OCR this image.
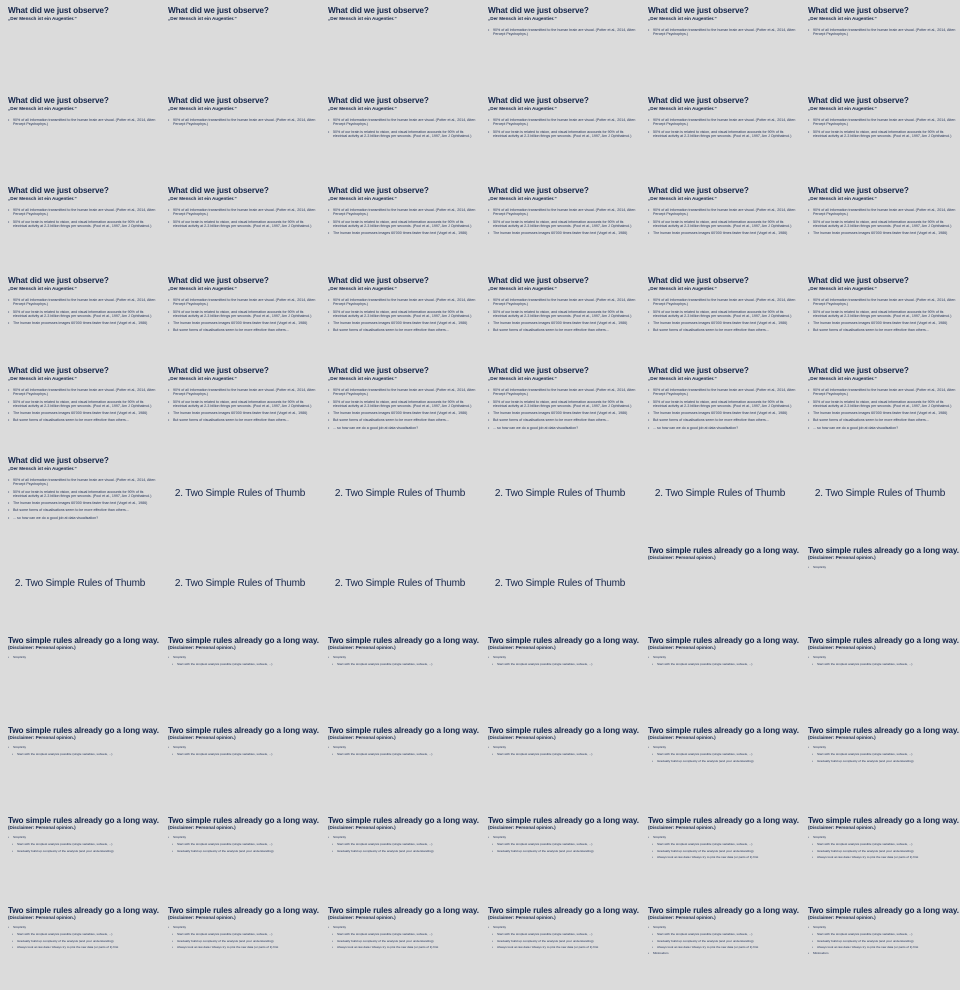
What did we just observe?
„Der Mensch ist ein Augentier.“
What did we just observe?
„Der Mensch ist ein Augentier.“
What did we just observe?
„Der Mensch ist ein Augentier.“
What did we just observe?
„Der Mensch ist ein Augentier.“
• 90% of all information transmitted to the human brain are visual. (Potter et al., 2014, Atten Percept Psychophys.)
What did we just observe?
„Der Mensch ist ein Augentier.“
• 90% of all information transmitted to the human brain are visual. (Potter et al., 2014, Atten Percept Psychophys.)
What did we just observe?
„Der Mensch ist ein Augentier.“
• 90% of all information transmitted to the human brain are visual. (Potter et al., 2014, Atten Percept Psychophys.)
What did we just observe?
„Der Mensch ist ein Augentier.“
• 90% of all information transmitted to the human brain are visual. (Potter et al., 2014, Atten Percept Psychophys.)
What did we just observe?
„Der Mensch ist ein Augentier.“
• 90% of all information transmitted to the human brain are visual. (Potter et al., 2014, Atten Percept Psychophys.)
What did we just observe?
„Der Mensch ist ein Augentier.“
• 90% of all information transmitted to the human brain are visual. (Potter et al., 2014, Atten Percept Psychophys.)
• 50% of our brain is related to vision, and visual information accounts for 90% of its electrical activity at 2-3 billion firings per seconds. (Pool et al., 1997, Am J Ophthalmol.)
What did we just observe?
„Der Mensch ist ein Augentier.“
• 90% of all information transmitted to the human brain are visual. (Potter et al., 2014, Atten Percept Psychophys.)
• 50% of our brain is related to vision, and visual information accounts for 90% of its electrical activity at 2-3 billion firings per seconds. (Pool et al., 1997, Am J Ophthalmol.)
What did we just observe?
„Der Mensch ist ein Augentier.“
• 90% of all information transmitted to the human brain are visual. (Potter et al., 2014, Atten Percept Psychophys.)
• 50% of our brain is related to vision, and visual information accounts for 90% of its electrical activity at 2-3 billion firings per seconds. (Pool et al., 1997, Am J Ophthalmol.)
What did we just observe?
„Der Mensch ist ein Augentier.“
• 90% of all information transmitted to the human brain are visual. (Potter et al., 2014, Atten Percept Psychophys.)
• 50% of our brain is related to vision, and visual information accounts for 90% of its electrical activity at 2-3 billion firings per seconds. (Pool et al., 1997, Am J Ophthalmol.)
What did we just observe?
„Der Mensch ist ein Augentier.“
• 90% of all information transmitted to the human brain are visual. (Potter et al., 2014, Atten Percept Psychophys.)
• 50% of our brain is related to vision, and visual information accounts for 90% of its electrical activity at 2-3 billion firings per seconds. (Pool et al., 1997, Am J Ophthalmol.)
What did we just observe?
„Der Mensch ist ein Augentier.“
• 90% of all information transmitted to the human brain are visual. (Potter et al., 2014, Atten Percept Psychophys.)
• 50% of our brain is related to vision, and visual information accounts for 90% of its electrical activity at 2-3 billion firings per seconds. (Pool et al., 1997, Am J Ophthalmol.)
What did we just observe?
„Der Mensch ist ein Augentier.“
• 90% of all information transmitted to the human brain are visual. (Potter et al., 2014, Atten Percept Psychophys.)
• 50% of our brain is related to vision, and visual information accounts for 90% of its electrical activity at 2-3 billion firings per seconds. (Pool et al., 1997, Am J Ophthalmol.)
• The human brain processes images 60'000 times faster than text (Vogel et al., 1986)
What did we just observe?
„Der Mensch ist ein Augentier.“
• 90% of all information transmitted to the human brain are visual. (Potter et al., 2014, Atten Percept Psychophys.)
• 50% of our brain is related to vision, and visual information accounts for 90% of its electrical activity at 2-3 billion firings per seconds. (Pool et al., 1997, Am J Ophthalmol.)
• The human brain processes images 60'000 times faster than text (Vogel et al., 1986)
What did we just observe?
„Der Mensch ist ein Augentier.“
• 90% of all information transmitted to the human brain are visual. (Potter et al., 2014, Atten Percept Psychophys.)
• 50% of our brain is related to vision, and visual information accounts for 90% of its electrical activity at 2-3 billion firings per seconds. (Pool et al., 1997, Am J Ophthalmol.)
• The human brain processes images 60'000 times faster than text (Vogel et al., 1986)
What did we just observe?
„Der Mensch ist ein Augentier.“
• 90% of all information transmitted to the human brain are visual. (Potter et al., 2014, Atten Percept Psychophys.)
• 50% of our brain is related to vision, and visual information accounts for 90% of its electrical activity at 2-3 billion firings per seconds. (Pool et al., 1997, Am J Ophthalmol.)
• The human brain processes images 60'000 times faster than text (Vogel et al., 1986)
What did we just observe?
„Der Mensch ist ein Augentier.“
• 90% of all information transmitted to the human brain are visual. (Potter et al., 2014, Atten Percept Psychophys.)
• 50% of our brain is related to vision, and visual information accounts for 90% of its electrical activity at 2-3 billion firings per seconds. (Pool et al., 1997, Am J Ophthalmol.)
• The human brain processes images 60'000 times faster than text (Vogel et al., 1986)
What did we just observe?
„Der Mensch ist ein Augentier.“
• 90% of all information transmitted to the human brain are visual. (Potter et al., 2014, Atten Percept Psychophys.)
• 50% of our brain is related to vision, and visual information accounts for 90% of its electrical activity at 2-3 billion firings per seconds. (Pool et al., 1997, Am J Ophthalmol.)
• The human brain processes images 60'000 times faster than text (Vogel et al., 1986)
• But some forms of visualisations seem to be more effective than others...
What did we just observe?
„Der Mensch ist ein Augentier.“
• 90% of all information transmitted to the human brain are visual. (Potter et al., 2014, Atten Percept Psychophys.)
• 50% of our brain is related to vision, and visual information accounts for 90% of its electrical activity at 2-3 billion firings per seconds. (Pool et al., 1997, Am J Ophthalmol.)
• The human brain processes images 60'000 times faster than text (Vogel et al., 1986)
• But some forms of visualisations seem to be more effective than others...
What did we just observe?
„Der Mensch ist ein Augentier.“
• 90% of all information transmitted to the human brain are visual. (Potter et al., 2014, Atten Percept Psychophys.)
• 50% of our brain is related to vision, and visual information accounts for 90% of its electrical activity at 2-3 billion firings per seconds. (Pool et al., 1997, Am J Ophthalmol.)
• The human brain processes images 60'000 times faster than text (Vogel et al., 1986)
• But some forms of visualisations seem to be more effective than others...
What did we just observe?
„Der Mensch ist ein Augentier.“
• 90% of all information transmitted to the human brain are visual. (Potter et al., 2014, Atten Percept Psychophys.)
• 50% of our brain is related to vision, and visual information accounts for 90% of its electrical activity at 2-3 billion firings per seconds. (Pool et al., 1997, Am J Ophthalmol.)
• The human brain processes images 60'000 times faster than text (Vogel et al., 1986)
• But some forms of visualisations seem to be more effective than others...
What did we just observe?
„Der Mensch ist ein Augentier.“
• 90% of all information transmitted to the human brain are visual. (Potter et al., 2014, Atten Percept Psychophys.)
• 50% of our brain is related to vision, and visual information accounts for 90% of its electrical activity at 2-3 billion firings per seconds. (Pool et al., 1997, Am J Ophthalmol.)
• The human brain processes images 60'000 times faster than text (Vogel et al., 1986)
• But some forms of visualisations seem to be more effective than others...
What did we just observe?
„Der Mensch ist ein Augentier.“
• 90% of all information transmitted to the human brain are visual. (Potter et al., 2014, Atten Percept Psychophys.)
• 50% of our brain is related to vision, and visual information accounts for 90% of its electrical activity at 2-3 billion firings per seconds. (Pool et al., 1997, Am J Ophthalmol.)
• The human brain processes images 60'000 times faster than text (Vogel et al., 1986)
• But some forms of visualisations seem to be more effective than others...
What did we just observe?
„Der Mensch ist ein Augentier.“
• 90% of all information transmitted to the human brain are visual. (Potter et al., 2014, Atten Percept Psychophys.)
• 50% of our brain is related to vision, and visual information accounts for 90% of its electrical activity at 2-3 billion firings per seconds. (Pool et al., 1997, Am J Ophthalmol.)
• The human brain processes images 60'000 times faster than text (Vogel et al., 1986)
• But some forms of visualisations seem to be more effective than others...
What did we just observe?
„Der Mensch ist ein Augentier.“
• 90% of all information transmitted to the human brain are visual. (Potter et al., 2014, Atten Percept Psychophys.)
• 50% of our brain is related to vision, and visual information accounts for 90% of its electrical activity at 2-3 billion firings per seconds. (Pool et al., 1997, Am J Ophthalmol.)
• The human brain processes images 60'000 times faster than text (Vogel et al., 1986)
• But some forms of visualisations seem to be more effective than others...
• ... so how can we do a good job at data visualisation?
What did we just observe?
„Der Mensch ist ein Augentier.“
• 90% of all information transmitted to the human brain are visual. (Potter et al., 2014, Atten Percept Psychophys.)
• 50% of our brain is related to vision, and visual information accounts for 90% of its electrical activity at 2-3 billion firings per seconds. (Pool et al., 1997, Am J Ophthalmol.)
• The human brain processes images 60'000 times faster than text (Vogel et al., 1986)
• But some forms of visualisations seem to be more effective than others...
• ... so how can we do a good job at data visualisation?
What did we just observe?
„Der Mensch ist ein Augentier.“
• 90% of all information transmitted to the human brain are visual. (Potter et al., 2014, Atten Percept Psychophys.)
• 50% of our brain is related to vision, and visual information accounts for 90% of its electrical activity at 2-3 billion firings per seconds. (Pool et al., 1997, Am J Ophthalmol.)
• The human brain processes images 60'000 times faster than text (Vogel et al., 1986)
• But some forms of visualisations seem to be more effective than others...
• ... so how can we do a good job at data visualisation?
What did we just observe?
„Der Mensch ist ein Augentier.“
• 90% of all information transmitted to the human brain are visual. (Potter et al., 2014, Atten Percept Psychophys.)
• 50% of our brain is related to vision, and visual information accounts for 90% of its electrical activity at 2-3 billion firings per seconds. (Pool et al., 1997, Am J Ophthalmol.)
• The human brain processes images 60'000 times faster than text (Vogel et al., 1986)
• But some forms of visualisations seem to be more effective than others...
• ... so how can we do a good job at data visualisation?
What did we just observe?
„Der Mensch ist ein Augentier.“
• 90% of all information transmitted to the human brain are visual. (Potter et al., 2014, Atten Percept Psychophys.)
• 50% of our brain is related to vision, and visual information accounts for 90% of its electrical activity at 2-3 billion firings per seconds. (Pool et al., 1997, Am J Ophthalmol.)
• The human brain processes images 60'000 times faster than text (Vogel et al., 1986)
• But some forms of visualisations seem to be more effective than others...
• ... so how can we do a good job at data visualisation?
2. Two Simple Rules of Thumb	2. Two Simple Rules of Thumb	2. Two Simple Rules of Thumb	2. Two Simple Rules of Thumb	2. Two Simple Rules of Thumb
2. Two Simple Rules of Thumb	2. Two Simple Rules of Thumb	2. Two Simple Rules of Thumb	2. Two Simple Rules of Thumb
Two simple rules already go a long way.
(Disclaimer: Personal opinion.)
Two simple rules already go a long way.
(Disclaimer: Personal opinion.)
• Simplicity
Two simple rules already go a long way.
(Disclaimer: Personal opinion.)
• Simplicity
Two simple rules already go a long way.
(Disclaimer: Personal opinion.)
• Simplicity
• Start with the simplest analysis possible (single variables, subsets, ...)
Two simple rules already go a long way.
(Disclaimer: Personal opinion.)
• Simplicity
• Start with the simplest analysis possible (single variables, subsets, ...)
Two simple rules already go a long way.
(Disclaimer: Personal opinion.)
• Simplicity
• Start with the simplest analysis possible (single variables, subsets, ...)
Two simple rules already go a long way.
(Disclaimer: Personal opinion.)
• Simplicity
• Start with the simplest analysis possible (single variables, subsets, ...)
Two simple rules already go a long way.
(Disclaimer: Personal opinion.)
• Simplicity
• Start with the simplest analysis possible (single variables, subsets, ...)
Two simple rules already go a long way.
(Disclaimer: Personal opinion.)
• Simplicity
• Start with the simplest analysis possible (single variables, subsets, ...)
Two simple rules already go a long way.
(Disclaimer: Personal opinion.)
• Simplicity
• Start with the simplest analysis possible (single variables, subsets, ...)
Two simple rules already go a long way.
(Disclaimer: Personal opinion.)
• Simplicity
• Start with the simplest analysis possible (single variables, subsets, ...)
Two simple rules already go a long way.
(Disclaimer: Personal opinion.)
• Simplicity
• Start with the simplest analysis possible (single variables, subsets, ...)
Two simple rules already go a long way.
(Disclaimer: Personal opinion.)
• Simplicity
• Start with the simplest analysis possible (single variables, subsets, ...)
• Gradually build up complexity of the analysis (and your understanding)
Two simple rules already go a long way.
(Disclaimer: Personal opinion.)
• Simplicity
• Start with the simplest analysis possible (single variables, subsets, ...)
• Gradually build up complexity of the analysis (and your understanding)
Two simple rules already go a long way.
(Disclaimer: Personal opinion.)
• Simplicity
• Start with the simplest analysis possible (single variables, subsets, ...)
• Gradually build up complexity of the analysis (and your understanding)
Two simple rules already go a long way.
(Disclaimer: Personal opinion.)
• Simplicity
• Start with the simplest analysis possible (single variables, subsets, ...)
• Gradually build up complexity of the analysis (and your understanding)
Two simple rules already go a long way.
(Disclaimer: Personal opinion.)
• Simplicity
• Start with the simplest analysis possible (single variables, subsets, ...)
• Gradually build up complexity of the analysis (and your understanding)
Two simple rules already go a long way.
(Disclaimer: Personal opinion.)
• Simplicity
• Start with the simplest analysis possible (single variables, subsets, ...)
• Gradually build up complexity of the analysis (and your understanding)
Two simple rules already go a long way.
(Disclaimer: Personal opinion.)
• Simplicity
• Start with the simplest analysis possible (single variables, subsets, ...)
• Gradually build up complexity of the analysis (and your understanding)
• Always look at raw data / Always try to plot the raw data (or parts of it) first
Two simple rules already go a long way.
(Disclaimer: Personal opinion.)
• Simplicity
• Start with the simplest analysis possible (single variables, subsets, ...)
• Gradually build up complexity of the analysis (and your understanding)
• Always look at raw data / Always try to plot the raw data (or parts of it) first
Two simple rules already go a long way.
(Disclaimer: Personal opinion.)
• Simplicity
• Start with the simplest analysis possible (single variables, subsets, ...)
• Gradually build up complexity of the analysis (and your understanding)
• Always look at raw data / Always try to plot the raw data (or parts of it) first
Two simple rules already go a long way.
(Disclaimer: Personal opinion.)
• Simplicity
• Start with the simplest analysis possible (single variables, subsets, ...)
• Gradually build up complexity of the analysis (and your understanding)
• Always look at raw data / Always try to plot the raw data (or parts of it) first
Two simple rules already go a long way.
(Disclaimer: Personal opinion.)
• Simplicity
• Start with the simplest analysis possible (single variables, subsets, ...)
• Gradually build up complexity of the analysis (and your understanding)
• Always look at raw data / Always try to plot the raw data (or parts of it) first
Two simple rules already go a long way.
(Disclaimer: Personal opinion.)
• Simplicity
• Start with the simplest analysis possible (single variables, subsets, ...)
• Gradually build up complexity of the analysis (and your understanding)
• Always look at raw data / Always try to plot the raw data (or parts of it) first
Two simple rules already go a long way.
(Disclaimer: Personal opinion.)
• Simplicity
• Start with the simplest analysis possible (single variables, subsets, ...)
• Gradually build up complexity of the analysis (and your understanding)
• Always look at raw data / Always try to plot the raw data (or parts of it) first
• Minimalism
Two simple rules already go a long way.
(Disclaimer: Personal opinion.)
• Simplicity
• Start with the simplest analysis possible (single variables, subsets, ...)
• Gradually build up complexity of the analysis (and your understanding)
• Always look at raw data / Always try to plot the raw data (or parts of it) first
• Minimalism
